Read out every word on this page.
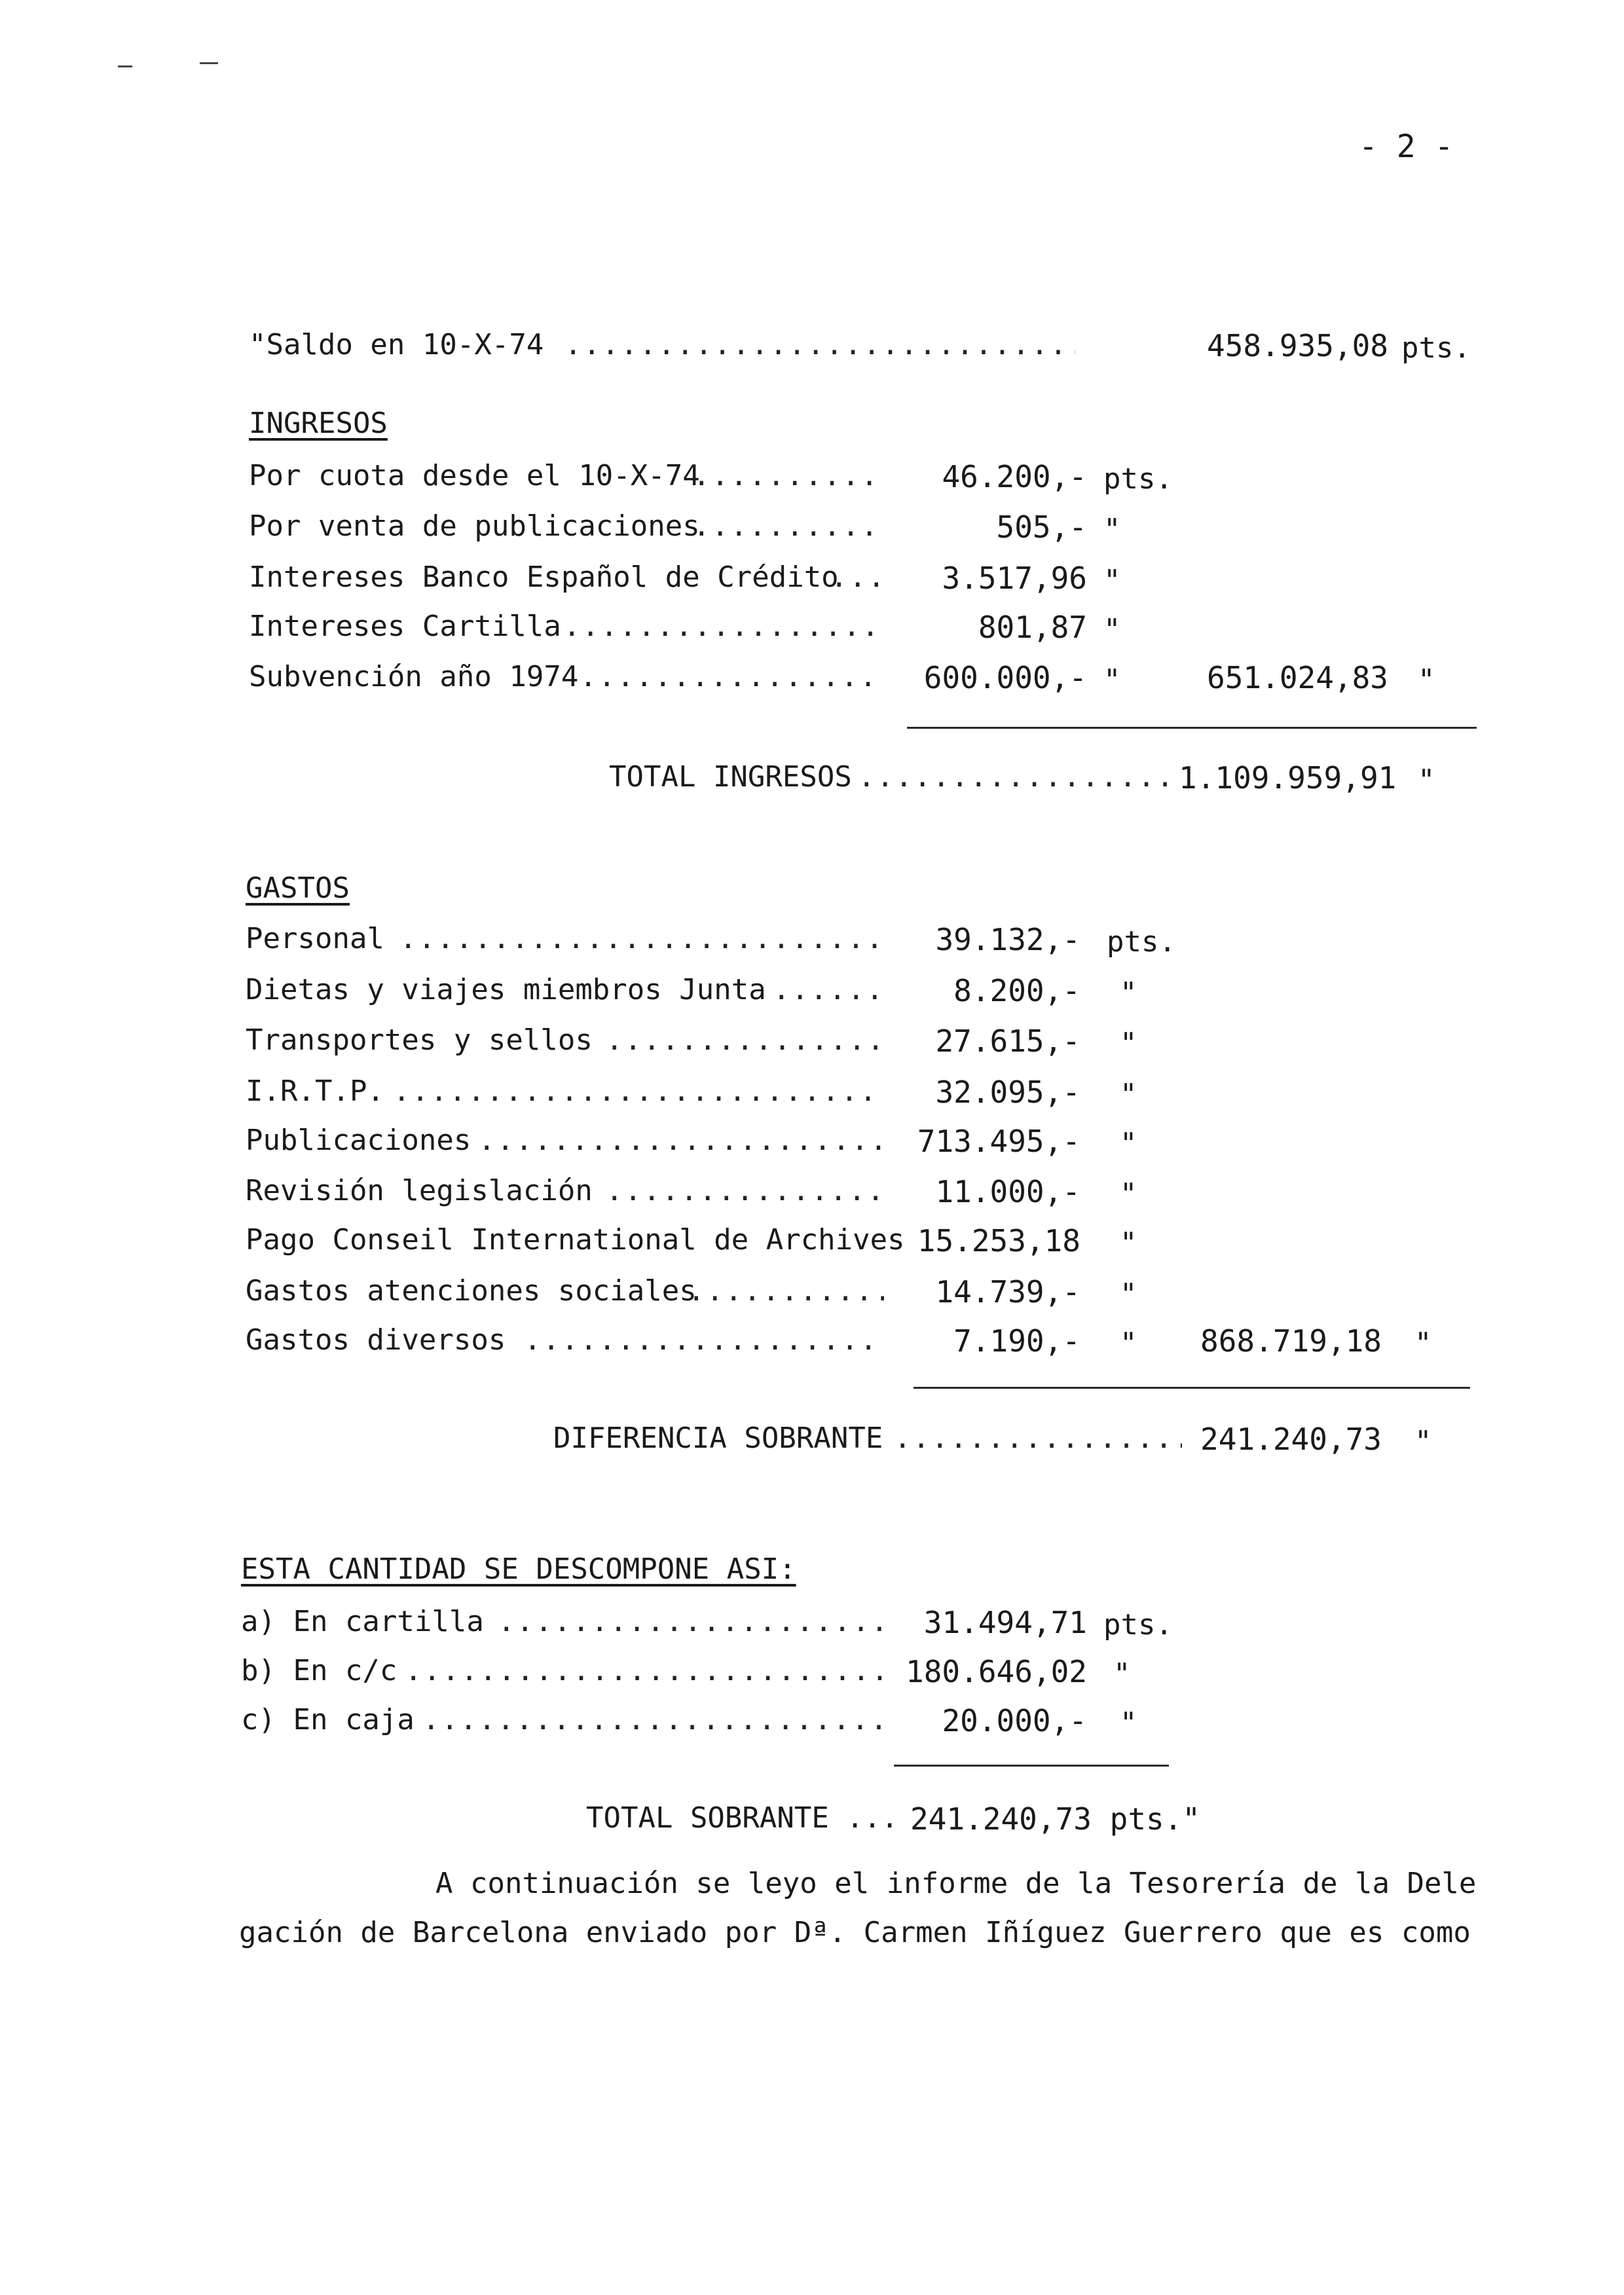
- 2 -
"Saldo en 10-X-74 .....	458.935,08 pts.
INGRESOS
Por cuota desde el 10-X-74 .....	46.200,- pts.
Por venta de publicaciones .....	505,- "
Intereses Banco Español de Crédito .....	3.517,96 "
Intereses Cartilla .....	801,87 "
Subvención año 1974 .....	600.000,- "	651.024,83 "
TOTAL INGRESOS .....	1.109.959,91 "
GASTOS
Personal .....	39.132,- pts.
Dietas y viajes miembros Junta .....	8.200,- "
Transportes y sellos .....	27.615,- "
I.R.T.P. .....	32.095,- "
Publicaciones .....	713.495,- "
Revisión legislación .....	11.000,- "
Pago Conseil International de Archives 15.253,18 "
Gastos atenciones sociales .....	14.739,- "
Gastos diversos .....	7.190,- "	868.719,18 "
DIFERENCIA SOBRANTE .....	241.240,73 "
ESTA CANTIDAD SE DESCOMPONE ASI:
a) En cartilla .....	31.494,71 pts.
b) En c/c .....	180.646,02 "
c) En caja .....	20.000,- "
TOTAL SOBRANTE ... 241.240,73 pts."
A continuación se leyo el informe de la Tesorería de la Dele
gación de Barcelona enviado por Dª. Carmen Iñíguez Guerrero que es como
